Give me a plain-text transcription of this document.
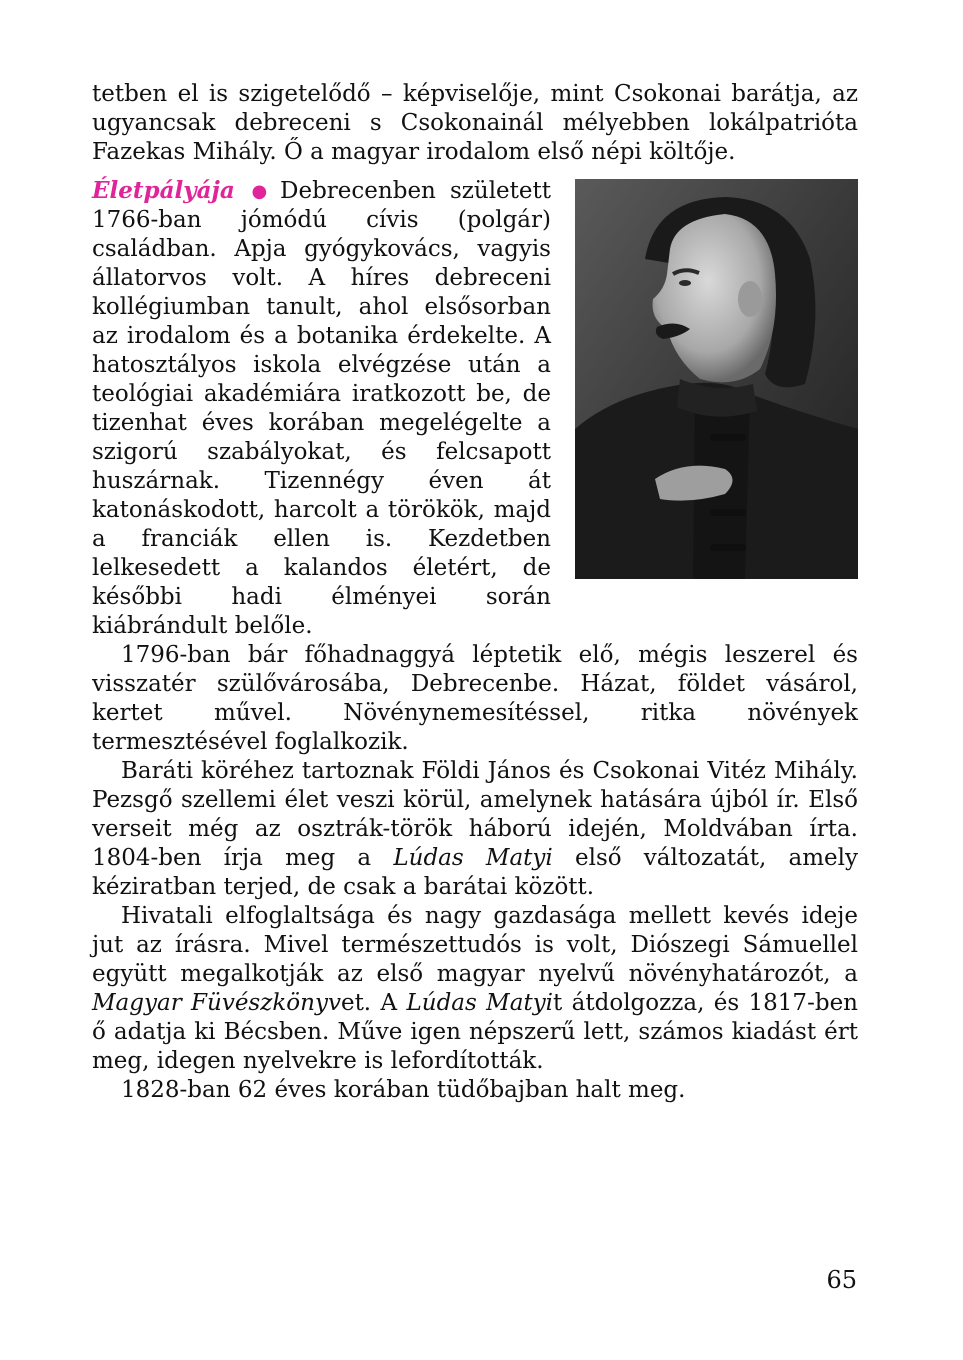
tetben el is szigetelődő – képviselője, mint Csokonai barátja, az ugyancsak debreceni s Csokonainál mélyebben lokálpatrióta Fazekas Mihály. Ő a magyar irodalom első népi költője.

Életpályája ● Debrecenben született 1766-ban jómódú cívis (polgár) családban. Apja gyógykovács, vagyis állatorvos volt. A híres debreceni kollégiumban tanult, ahol elsősorban az irodalom és a botanika érdekelte. A hatosztályos iskola elvégzése után a teológiai akadémiára iratkozott be, de tizenhat éves korában megelégelte a szigorú szabályokat, és felcsapott huszárnak. Tizennégy éven át katonáskodott, harcolt a törökök, majd a franciák ellen is. Kezdetben lelkesedett a kalandos életért, de későbbi hadi élményei során kiábrándult belőle.

1796-ban bár főhadnaggyá léptetik elő, mégis leszerel és visszatér szülővárosába, Debrecenbe. Házat, földet vásárol, kertet művel. Növénynemesítéssel, ritka növények termesztésével foglalkozik.

Baráti köréhez tartoznak Földi János és Csokonai Vitéz Mihály. Pezsgő szellemi élet veszi körül, amelynek hatására újból ír. Első verseit még az osztrák-török háború idején, Moldvában írta. 1804-ben írja meg a Lúdas Matyi első változatát, amely kéziratban terjed, de csak a barátai között.

Hivatali elfoglaltsága és nagy gazdasága mellett kevés ideje jut az írásra. Mivel természettudós is volt, Diószegi Sámuellel együtt megalkotják az első magyar nyelvű növényhatározót, a Magyar Füvészkönyvet. A Lúdas Matyit átdolgozza, és 1817-ben ő adatja ki Bécsben. Műve igen népszerű lett, számos kiadást ért meg, idegen nyelvekre is lefordították.

1828-ban 62 éves korában tüdőbajban halt meg.

65
